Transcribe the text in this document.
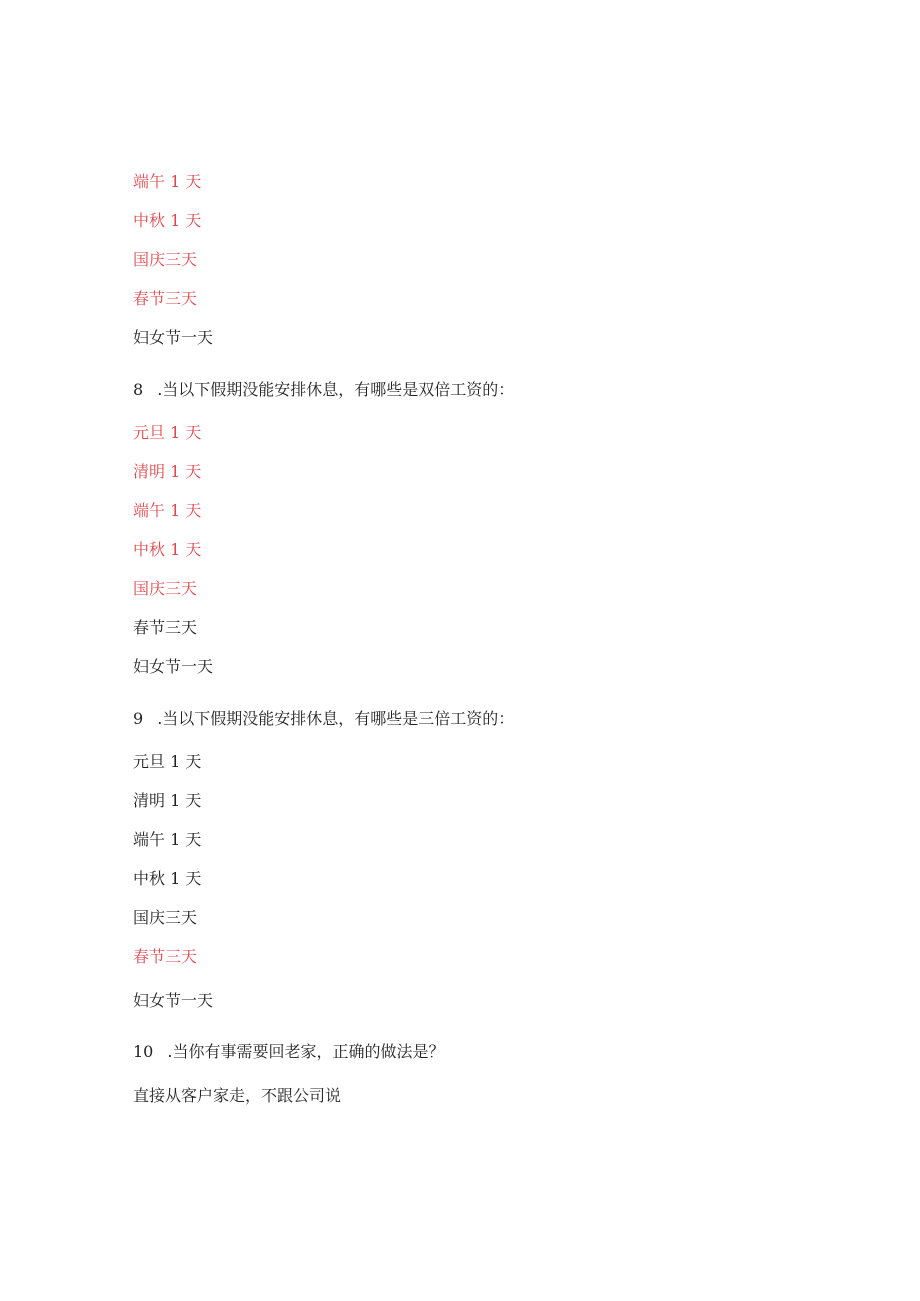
端午 1 天
中秋 1 天
国庆三天
春节三天
妇女节一天
8 .当以下假期没能安排休息，有哪些是双倍工资的：
元旦 1 天
清明 1 天
端午 1 天
中秋 1 天
国庆三天
春节三天
妇女节一天
9 .当以下假期没能安排休息，有哪些是三倍工资的：
元旦 1 天
清明 1 天
端午 1 天
中秋 1 天
国庆三天
春节三天
妇女节一天
10 .当你有事需要回老家，正确的做法是？
直接从客户家走，不跟公司说
